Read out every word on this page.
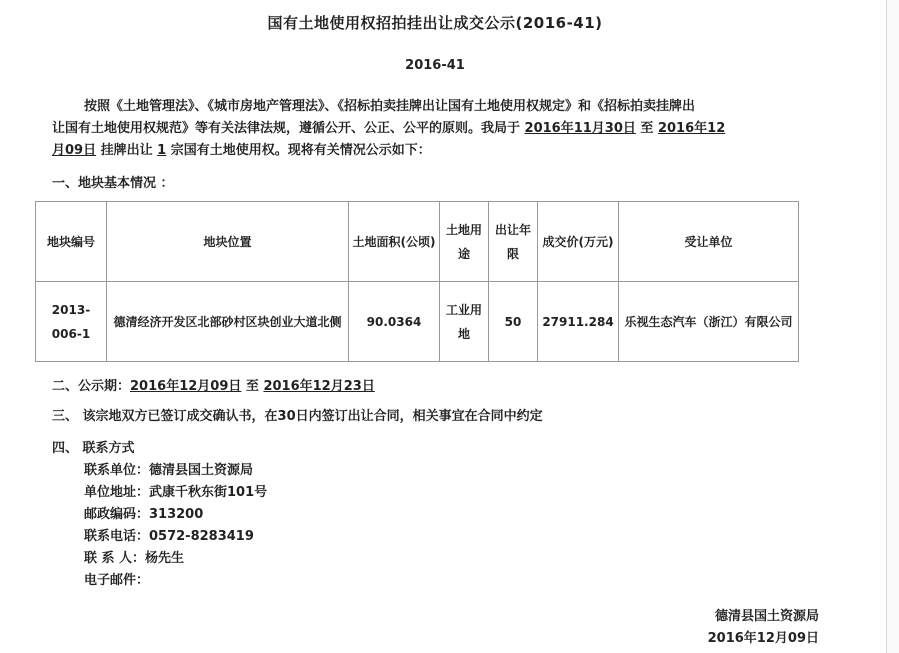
国有土地使用权招拍挂出让成交公示(2016-41)
2016-41
按照《土地管理法》、《城市房地产管理法》、《招标拍卖挂牌出让国有土地使用权规定》和《招标拍卖挂牌出
让国有土地使用权规范》等有关法律法规，遵循公开、公正、公平的原则。我局于 2016年11月30日 至 2016年12
月09日 挂牌出让 1 宗国有土地使用权。现将有关情况公示如下：
一、地块基本情况 ：
地块编号	地块位置	土地面积(公顷)	土地用途	出让年限	成交价(万元)	受让单位
2013-006-1	德清经济开发区北部砂村区块创业大道北侧	90.0364	工业用地	50	27911.284	乐视生态汽车（浙江）有限公司
二、公示期：2016年12月09日 至 2016年12月23日
三、 该宗地双方已签订成交确认书，在30日内签订出让合同，相关事宜在合同中约定
四、 联系方式
联系单位：德清县国土资源局
单位地址：武康千秋东街101号
邮政编码：313200
联系电话：0572-8283419
联 系 人：杨先生
电子邮件：
德清县国土资源局
2016年12月09日
